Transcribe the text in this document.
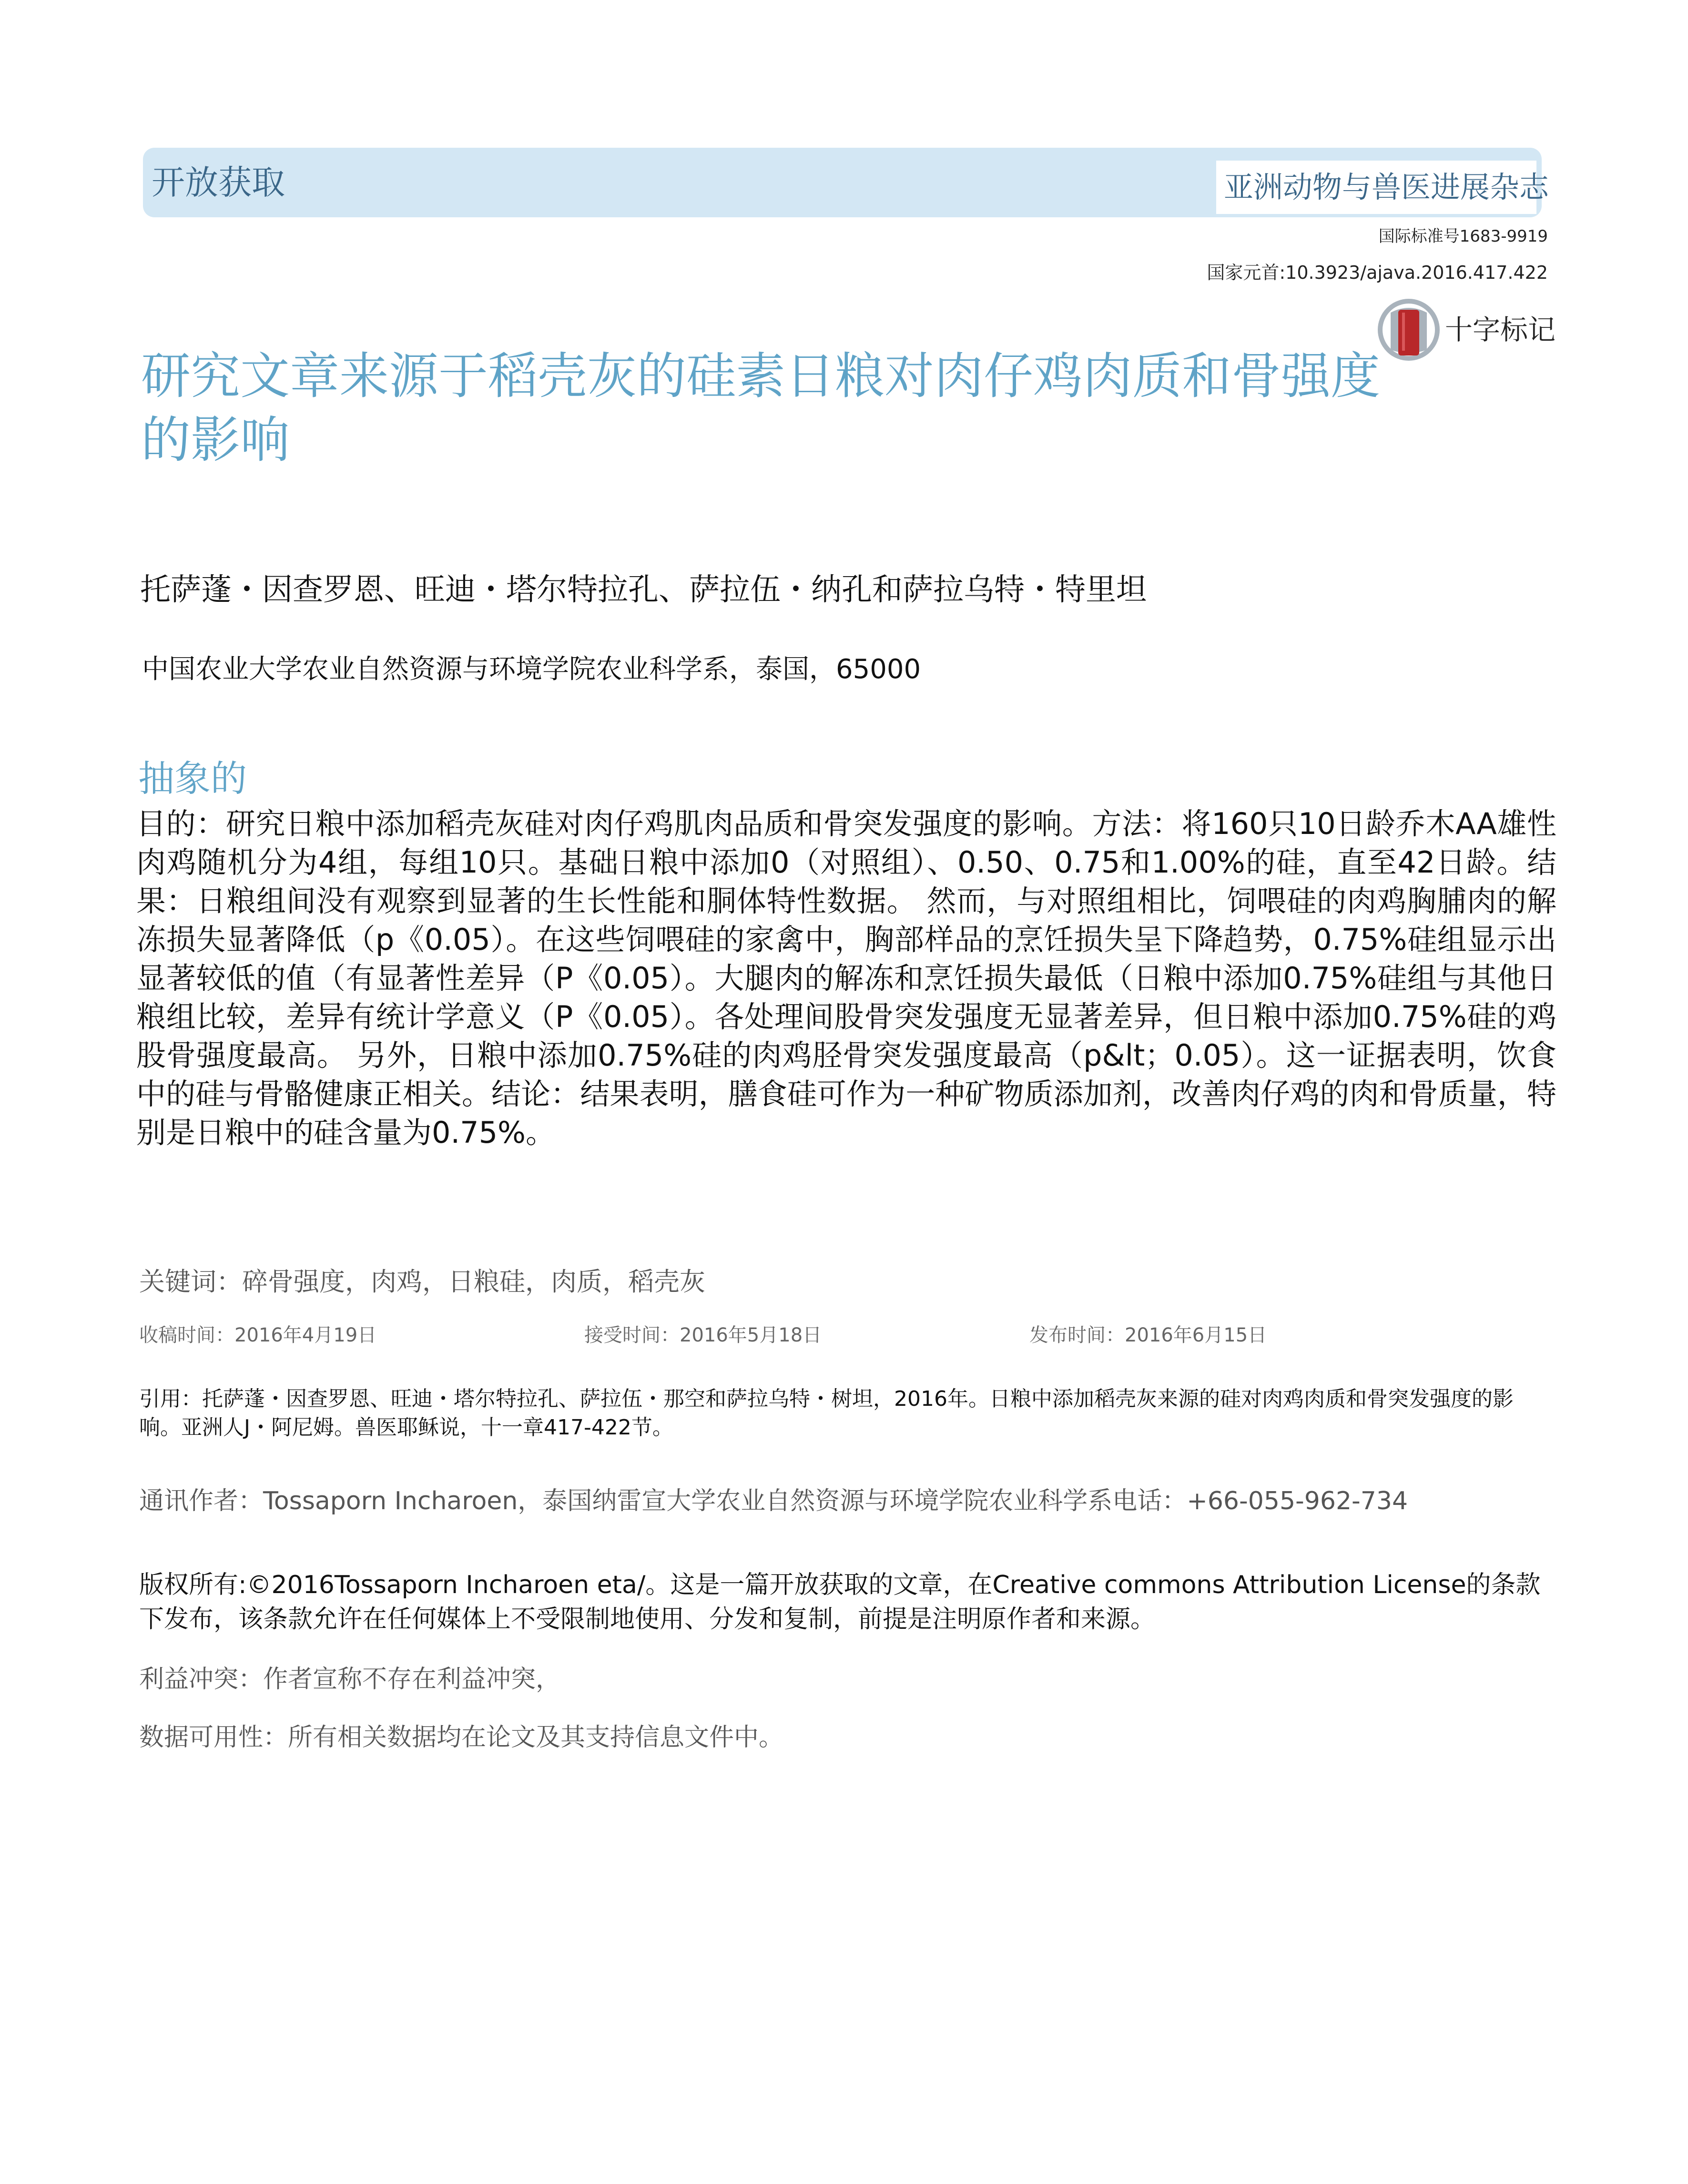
开放获取	亚洲动物与兽医进展杂志
国际标准号1683-9919
国家元首:10.3923/ajava.2016.417.422
十字标记
研究文章来源于稻壳灰的硅素日粮对肉仔鸡肉质和骨强度的影响
托萨蓬・因查罗恩、旺迪・塔尔特拉孔、萨拉伍・纳孔和萨拉乌特・特里坦
中国农业大学农业自然资源与环境学院农业科学系，泰国，65000
抽象的
目的：研究日粮中添加稻壳灰硅对肉仔鸡肌肉品质和骨突发强度的影响。方法：将160只10日龄乔木AA雄性肉鸡随机分为4组，每组10只。基础日粮中添加0（对照组）、0.50、0.75和1.00%的硅，直至42日龄。结果：日粮组间没有观察到显著的生长性能和胴体特性数据。 然而，与对照组相比，饲喂硅的肉鸡胸脯肉的解冻损失显著降低（p《0.05）。在这些饲喂硅的家禽中，胸部样品的烹饪损失呈下降趋势，0.75%硅组显示出显著较低的值（有显著性差异（P《0.05）。大腿肉的解冻和烹饪损失最低（日粮中添加0.75%硅组与其他日粮组比较，差异有统计学意义（P《0.05）。各处理间股骨突发强度无显著差异，但日粮中添加0.75%硅的鸡股骨强度最高。 另外，日粮中添加0.75%硅的肉鸡胫骨突发强度最高（p&lt；0.05）。这一证据表明，饮食中的硅与骨骼健康正相关。结论：结果表明，膳食硅可作为一种矿物质添加剂，改善肉仔鸡的肉和骨质量，特别是日粮中的硅含量为0.75%。
关键词：碎骨强度，肉鸡，日粮硅，肉质，稻壳灰
收稿时间：2016年4月19日	接受时间：2016年5月18日	发布时间：2016年6月15日
引用：托萨蓬・因查罗恩、旺迪・塔尔特拉孔、萨拉伍・那空和萨拉乌特・树坦，2016年。日粮中添加稻壳灰来源的硅对肉鸡肉质和骨突发强度的影响。亚洲人J・阿尼姆。兽医耶稣说，十一章417-422节。
通讯作者：Tossaporn Incharoen，泰国纳雷宣大学农业自然资源与环境学院农业科学系电话：+66-055-962-734
版权所有:©2016Tossaporn Incharoen eta/。这是一篇开放获取的文章，在Creative commons Attribution License的条款下发布，该条款允许在任何媒体上不受限制地使用、分发和复制，前提是注明原作者和来源。
利益冲突：作者宣称不存在利益冲突，
数据可用性：所有相关数据均在论文及其支持信息文件中。
